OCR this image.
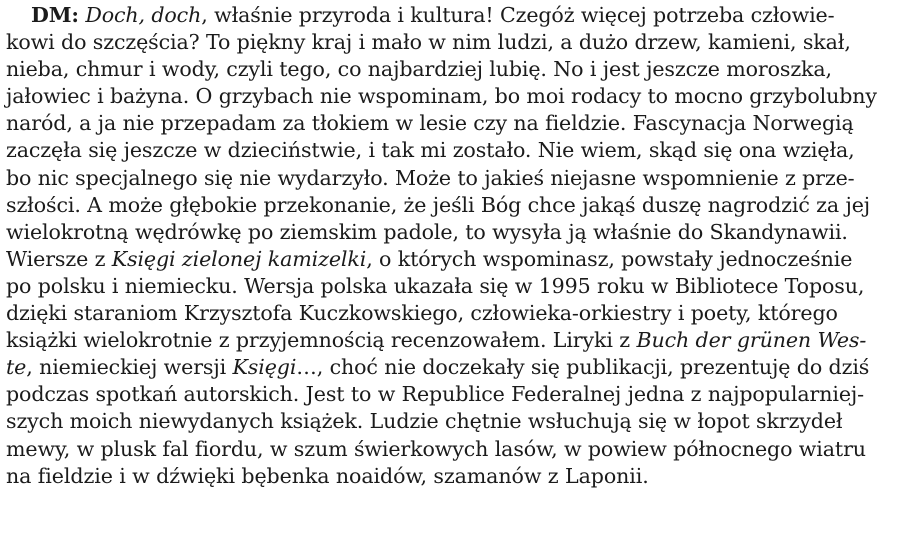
DM: Doch, doch, właśnie przyroda i kultura! Czegóż więcej potrzeba człowie-
kowi do szczęścia? To piękny kraj i mało w nim ludzi, a dużo drzew, kamieni, skał,
nieba, chmur i wody, czyli tego, co najbardziej lubię. No i jest jeszcze moroszka,
jałowiec i bażyna. O grzybach nie wspominam, bo moi rodacy to mocno grzybolubny
naród, a ja nie przepadam za tłokiem w lesie czy na fieldzie. Fascynacja Norwegią
zaczęła się jeszcze w dzieciństwie, i tak mi zostało. Nie wiem, skąd się ona wzięła,
bo nic specjalnego się nie wydarzyło. Może to jakieś niejasne wspomnienie z prze-
szłości. A może głębokie przekonanie, że jeśli Bóg chce jakąś duszę nagrodzić za jej
wielokrotną wędrówkę po ziemskim padole, to wysyła ją właśnie do Skandynawii.
Wiersze z Księgi zielonej kamizelki, o których wspominasz, powstały jednocześnie
po polsku i niemiecku. Wersja polska ukazała się w 1995 roku w Bibliotece Toposu,
dzięki staraniom Krzysztofa Kuczkowskiego, człowieka-orkiestry i poety, którego
książki wielokrotnie z przyjemnością recenzowałem. Liryki z Buch der grünen Wes-
te, niemieckiej wersji Księgi…, choć nie doczekały się publikacji, prezentuję do dziś
podczas spotkań autorskich. Jest to w Republice Federalnej jedna z najpopularniej-
szych moich niewydanych książek. Ludzie chętnie wsłuchują się w łopot skrzydeł
mewy, w plusk fal fiordu, w szum świerkowych lasów, w powiew północnego wiatru
na fieldzie i w dźwięki bębenka noaidów, szamanów z Laponii.
